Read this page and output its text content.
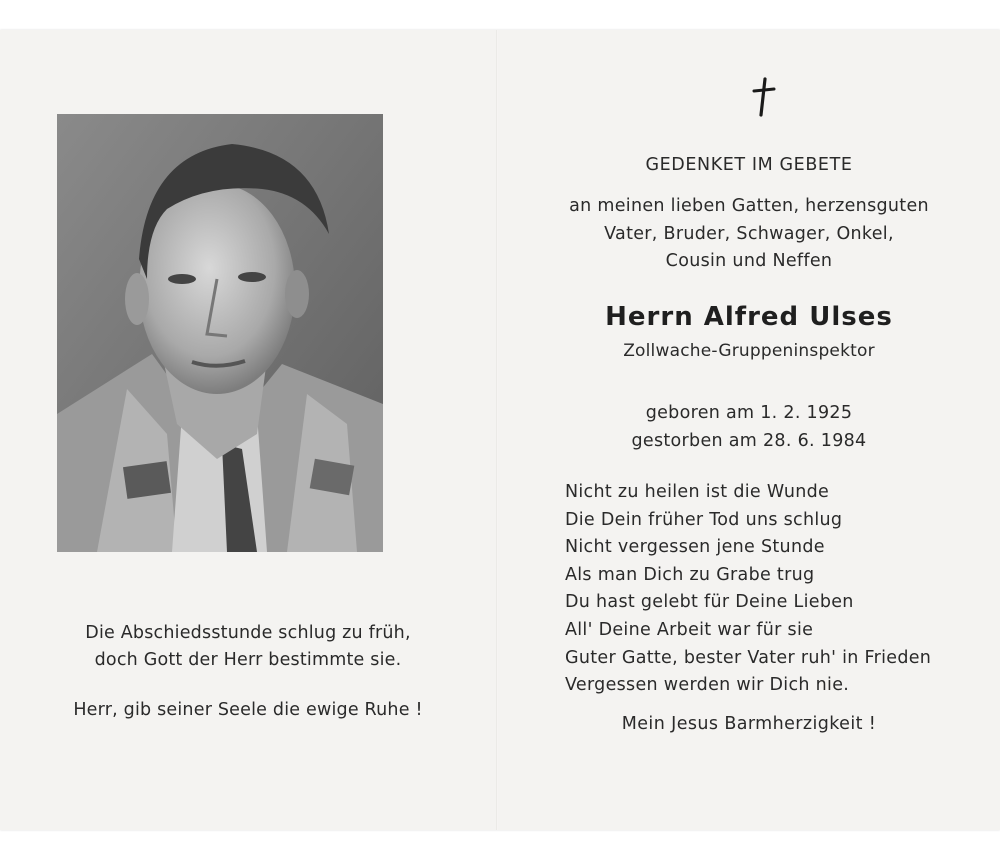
Die Abschiedsstunde schlug zu früh,
doch Gott der Herr bestimmte sie.
Herr, gib seiner Seele die ewige Ruhe !
GEDENKET IM GEBETE
an meinen lieben Gatten, herzensguten
Vater, Bruder, Schwager, Onkel,
Cousin und Neffen
Herrn Alfred Ulses
Zollwache-Gruppeninspektor
geboren am 1. 2. 1925
gestorben am 28. 6. 1984
Nicht zu heilen ist die Wunde
Die Dein früher Tod uns schlug
Nicht vergessen jene Stunde
Als man Dich zu Grabe trug
Du hast gelebt für Deine Lieben
All' Deine Arbeit war für sie
Guter Gatte, bester Vater ruh' in Frieden
Vergessen werden wir Dich nie.
Mein Jesus Barmherzigkeit !
